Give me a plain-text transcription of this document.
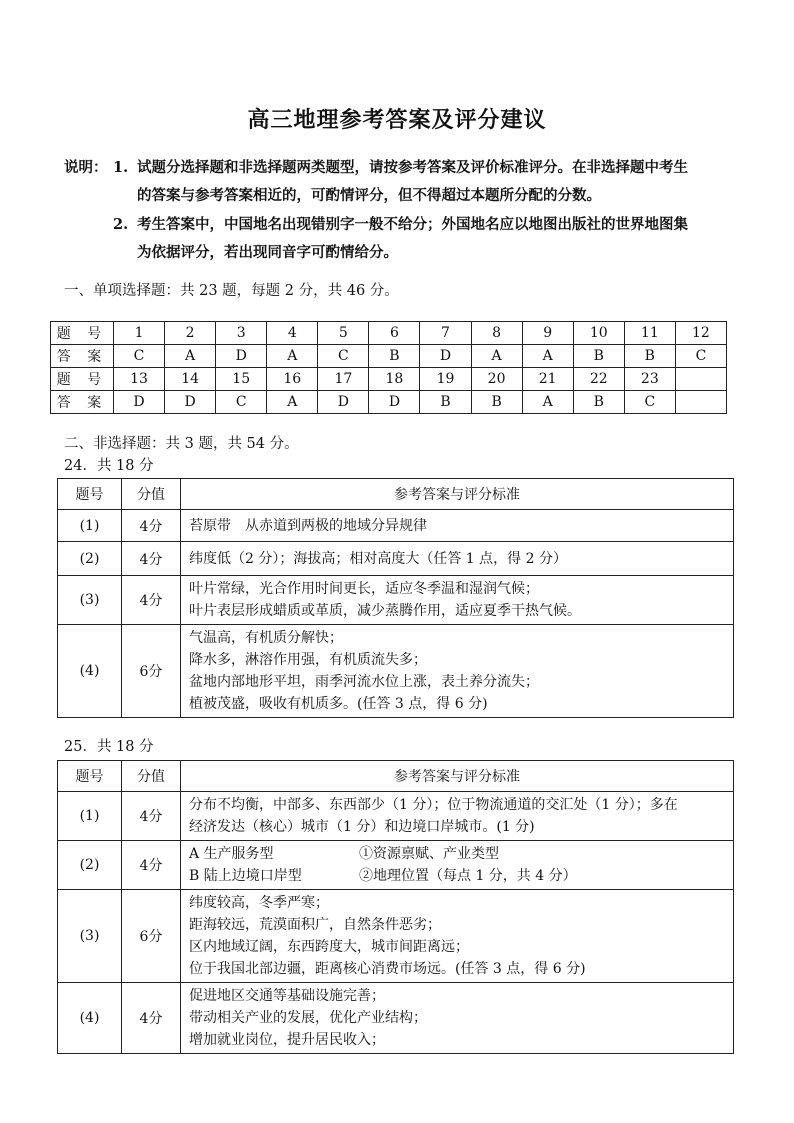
高三地理参考答案及评分建议
说明： 1. 试题分选择题和非选择题两类题型，请按参考答案及评价标准评分。在非选择题中考生
的答案与参考答案相近的，可酌情评分，但不得超过本题所分配的分数。
2. 考生答案中，中国地名出现错别字一般不给分；外国地名应以地图出版社的世界地图集
为依据评分，若出现同音字可酌情给分。
一、单项选择题：共 23 题，每题 2 分，共 46 分。
题 号	1	2	3	4	5	6	7	8	9	10	11	12
答 案	C	A	D	A	C	B	D	A	A	B	B	C
题 号	13	14	15	16	17	18	19	20	21	22	23	
答 案	D	D	C	A	D	D	B	B	A	B	C	
二、非选择题：共 3 题，共 54 分。
24．共 18 分
题号	分值	参考答案与评分标准
(1)	4分	苔原带　从赤道到两极的地域分异规律

(2)	4分	纬度低（2 分）；海拔高；相对高度大（任答 1 点，得 2 分）

(3)	4分	叶片常绿，光合作用时间更长，适应冬季温和湿润气候；
叶片表层形成蜡质或革质，减少蒸腾作用，适应夏季干热气候。

(4)	6分	气温高，有机质分解快；
降水多，淋溶作用强，有机质流失多；
盆地内部地形平坦，雨季河流水位上涨，表土养分流失；
植被茂盛，吸收有机质多。(任答 3 点，得 6 分)
25．共 18 分
题号	分值	参考答案与评分标准
(1)	4分	分布不均衡，中部多、东西部少（1 分）；位于物流通道的交汇处（1 分）；多在
经济发达（核心）城市（1 分）和边境口岸城市。(1 分)

(2)	4分	A 生产服务型 ①资源禀赋、产业类型
B 陆上边境口岸型 ②地理位置（每点 1 分，共 4 分）

(3)	6分	纬度较高，冬季严寒；
距海较远，荒漠面积广，自然条件恶劣；
区内地域辽阔，东西跨度大，城市间距离远；
位于我国北部边疆，距离核心消费市场远。(任答 3 点，得 6 分)

(4)	4分	促进地区交通等基础设施完善；
带动相关产业的发展，优化产业结构；
增加就业岗位，提升居民收入；
